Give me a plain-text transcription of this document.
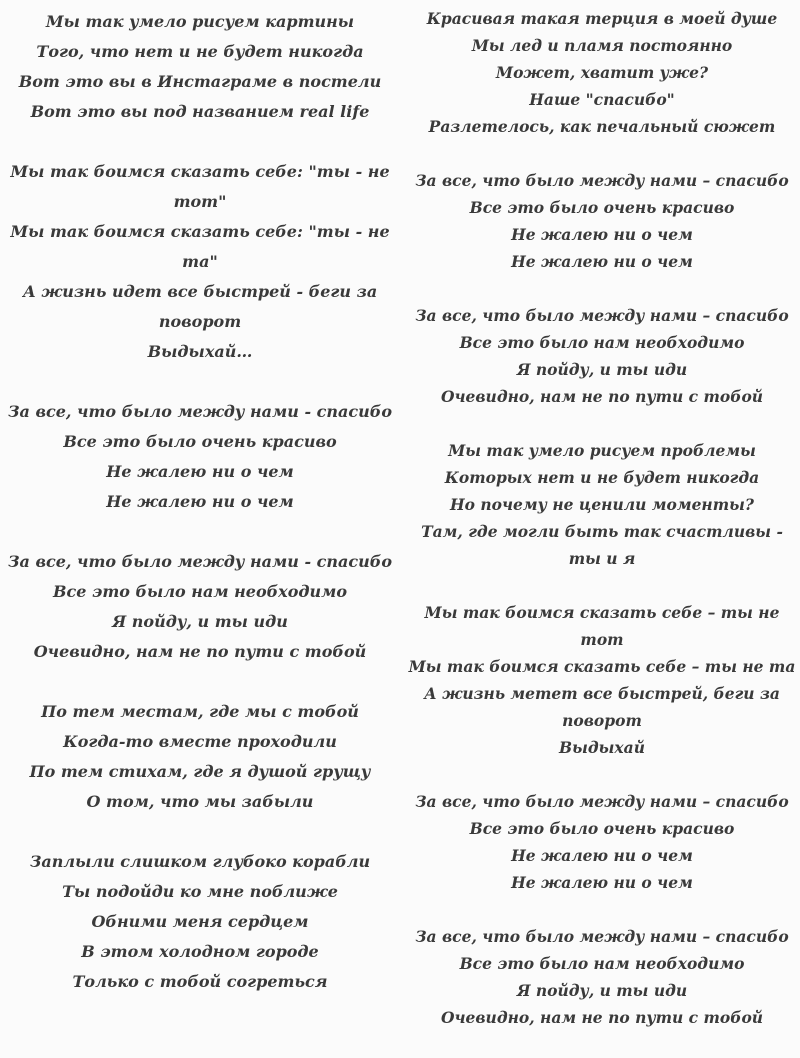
Мы так умело рисуем картины
Того, что нет и не будет никогда
Вот это вы в Инстаграме в постели
Вот это вы под названием real life
Мы так боимся сказать себе: "ты - не тот"
Мы так боимся сказать себе: "ты - не та"
А жизнь идет все быстрей - беги за поворот
Выдыхай…
За все, что было между нами - спасибо
Все это было очень красиво
Не жалею ни о чем
Не жалею ни о чем
За все, что было между нами - спасибо
Все это было нам необходимо
Я пойду, и ты иди
Очевидно, нам не по пути с тобой
По тем местам, где мы с тобой
Когда-то вместе проходили
По тем стихам, где я душой грущу
О том, что мы забыли
Заплыли слишком глубоко корабли
Ты подойди ко мне поближе
Обними меня сердцем
В этом холодном городе
Только с тобой согреться
Красивая такая терция в моей душе
Мы лед и пламя постоянно
Может, хватит уже?
Наше "спасибо"
Разлетелось, как печальный сюжет
За все, что было между нами – спасибо
Все это было очень красиво
Не жалею ни о чем
Не жалею ни о чем
За все, что было между нами – спасибо
Все это было нам необходимо
Я пойду, и ты иди
Очевидно, нам не по пути с тобой
Мы так умело рисуем проблемы
Которых нет и не будет никогда
Но почему не ценили моменты?
Там, где могли быть так счастливы - ты и я
Мы так боимся сказать себе – ты не тот
Мы так боимся сказать себе – ты не та
А жизнь метет все быстрей, беги за поворот
Выдыхай
За все, что было между нами – спасибо
Все это было очень красиво
Не жалею ни о чем
Не жалею ни о чем
За все, что было между нами – спасибо
Все это было нам необходимо
Я пойду, и ты иди
Очевидно, нам не по пути с тобой
